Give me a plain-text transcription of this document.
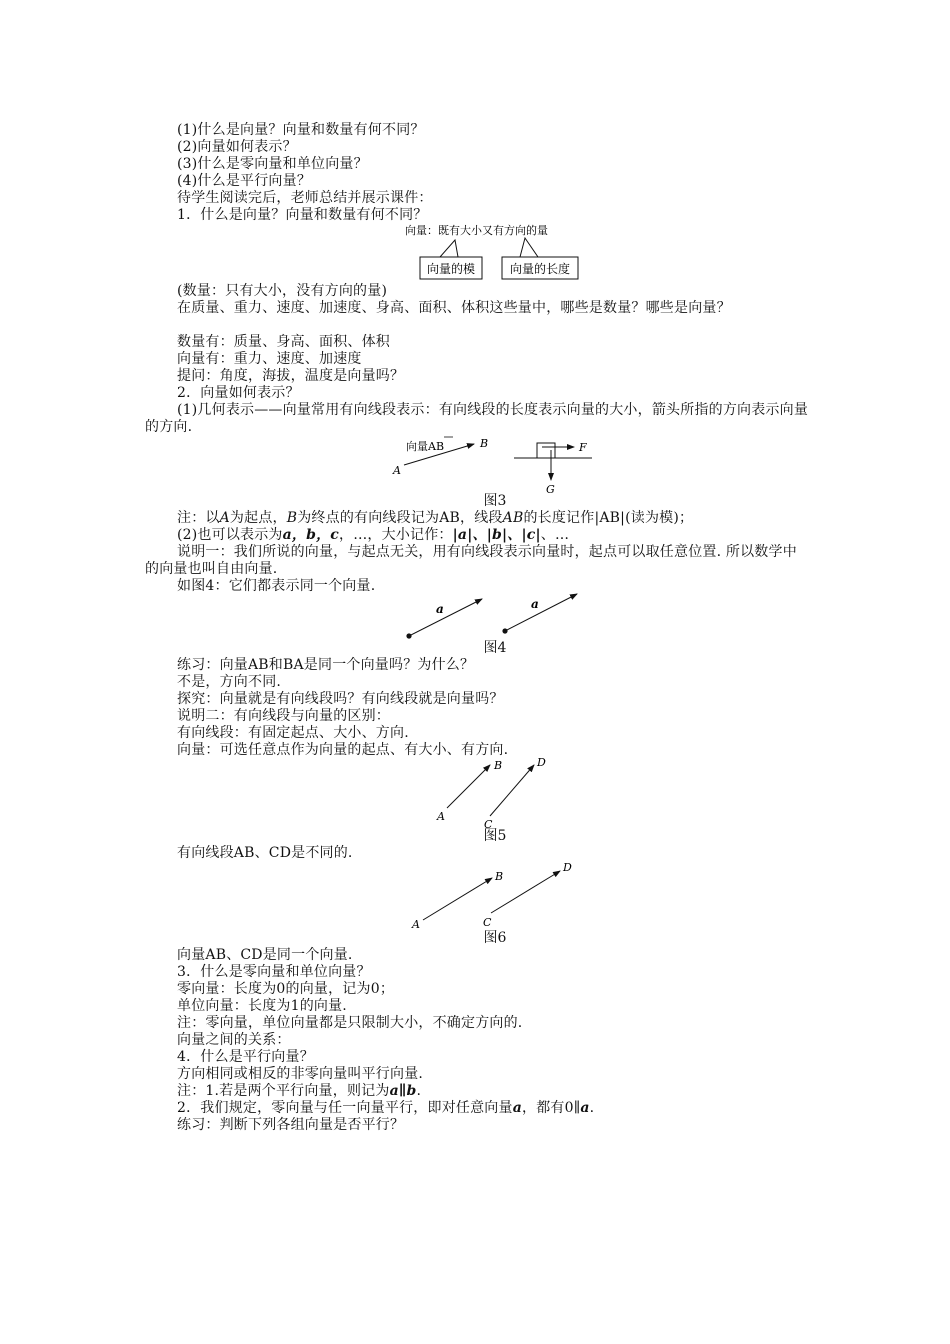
(1)什么是向量？向量和数量有何不同？
(2)向量如何表示？
(3)什么是零向量和单位向量？
(4)什么是平行向量？
待学生阅读完后，老师总结并展示课件：
1．什么是向量？向量和数量有何不同？
向量：既有大小又有方向的量
向量的模	向量的长度
(数量：只有大小，没有方向的量)
在质量、重力、速度、加速度、身高、面积、体积这些量中，哪些是数量？哪些是向量？
数量有：质量、身高、面积、体积
向量有：重力、速度、加速度
提问：角度，海拔，温度是向量吗？
2．向量如何表示？
(1)几何表示——向量常用有向线段表示：有向线段的长度表示向量的大小，箭头所指的方向表示向量的方向.
向量AB
A
B	F
G
图3
注：以A为起点，B为终点的有向线段记为AB，线段AB的长度记作|AB|(读为模)；
(2)也可以表示为a，b，c，…，大小记作：|a|、|b|、|c|、…
说明一：我们所说的向量，与起点无关，用有向线段表示向量时，起点可以取任意位置. 所以数学中的向量也叫自由向量.
如图4：它们都表示同一个向量.
a	a
图4
练习：向量AB和BA是同一个向量吗？为什么？
不是，方向不同.
探究：向量就是有向线段吗？有向线段就是向量吗？
说明二：有向线段与向量的区别：
有向线段：有固定起点、大小、方向.
向量：可选任意点作为向量的起点、有大小、有方向.
A
B
C
D
图5
有向线段AB、CD是不同的.
A
B
C
D
图6
向量AB、CD是同一个向量.
3．什么是零向量和单位向量？
零向量：长度为0的向量，记为0；
单位向量：长度为1的向量.
注：零向量，单位向量都是只限制大小，不确定方向的.
向量之间的关系：
4．什么是平行向量？
方向相同或相反的非零向量叫平行向量.
注：1.若是两个平行向量，则记为a∥b.
2．我们规定，零向量与任一向量平行，即对任意向量a，都有0∥a.
练习：判断下列各组向量是否平行？
